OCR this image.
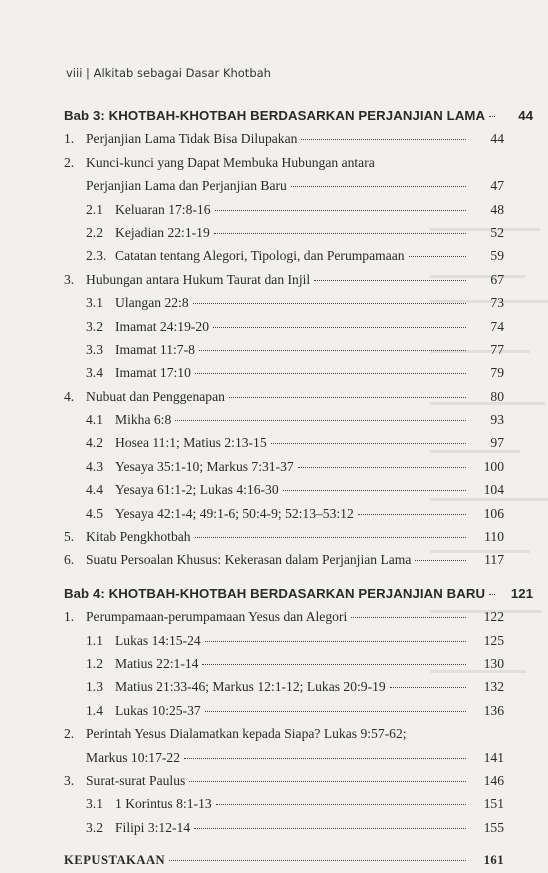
viii | Alkitab sebagai Dasar Khotbah
Bab 3: KHOTBAH-KHOTBAH BERDASARKAN PERJANJIAN LAMA	44
1. Perjanjian Lama Tidak Bisa Dilupakan	44
2. Kunci-kunci yang Dapat Membuka Hubungan antara
Perjanjian Lama dan Perjanjian Baru	47
2.1 Keluaran 17:8-16	48
2.2 Kejadian 22:1-19	52
2.3. Catatan tentang Alegori, Tipologi, dan Perumpamaan	59
3. Hubungan antara Hukum Taurat dan Injil	67
3.1 Ulangan 22:8	73
3.2 Imamat 24:19-20	74
3.3 Imamat 11:7-8	77
3.4 Imamat 17:10	79
4. Nubuat dan Penggenapan	80
4.1 Mikha 6:8	93
4.2 Hosea 11:1; Matius 2:13-15	97
4.3 Yesaya 35:1-10; Markus 7:31-37	100
4.4 Yesaya 61:1-2; Lukas 4:16-30	104
4.5 Yesaya 42:1-4; 49:1-6; 50:4-9; 52:13–53:12	106
5. Kitab Pengkhotbah	110
6. Suatu Persoalan Khusus: Kekerasan dalam Perjanjian Lama	117
Bab 4: KHOTBAH-KHOTBAH BERDASARKAN PERJANJIAN BARU	121
1. Perumpamaan-perumpamaan Yesus dan Alegori	122
1.1 Lukas 14:15-24	125
1.2 Matius 22:1-14	130
1.3 Matius 21:33-46; Markus 12:1-12; Lukas 20:9-19	132
1.4 Lukas 10:25-37	136
2. Perintah Yesus Dialamatkan kepada Siapa? Lukas 9:57-62;
Markus 10:17-22	141
3. Surat-surat Paulus	146
3.1 1 Korintus 8:1-13	151
3.2 Filipi 3:12-14	155
KEPUSTAKAAN	161
